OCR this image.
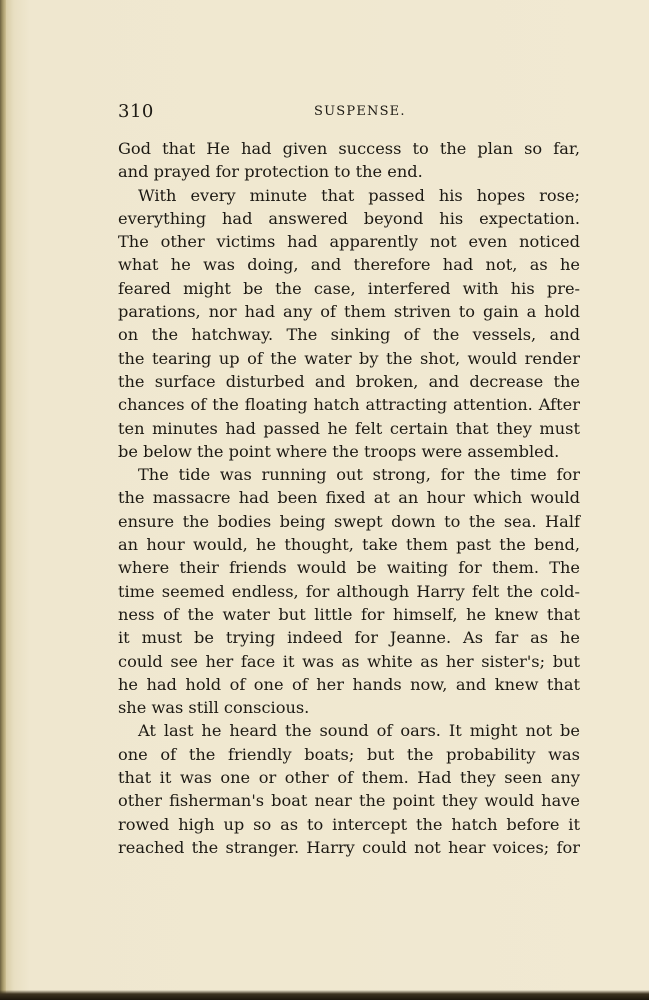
310	SUSPENSE.
God that He had given success to the plan so far,
and prayed for protection to the end.
With every minute that passed his hopes rose;
everything had answered beyond his expectation.
The other victims had apparently not even noticed
what he was doing, and therefore had not, as he
feared might be the case, interfered with his pre-
parations, nor had any of them striven to gain a hold
on the hatchway. The sinking of the vessels, and
the tearing up of the water by the shot, would render
the surface disturbed and broken, and decrease the
chances of the floating hatch attracting attention. After
ten minutes had passed he felt certain that they must
be below the point where the troops were assembled.
The tide was running out strong, for the time for
the massacre had been fixed at an hour which would
ensure the bodies being swept down to the sea. Half
an hour would, he thought, take them past the bend,
where their friends would be waiting for them. The
time seemed endless, for although Harry felt the cold-
ness of the water but little for himself, he knew that
it must be trying indeed for Jeanne. As far as he
could see her face it was as white as her sister's; but
he had hold of one of her hands now, and knew that
she was still conscious.
At last he heard the sound of oars. It might not be
one of the friendly boats; but the probability was
that it was one or other of them. Had they seen any
other fisherman's boat near the point they would have
rowed high up so as to intercept the hatch before it
reached the stranger. Harry could not hear voices; for
